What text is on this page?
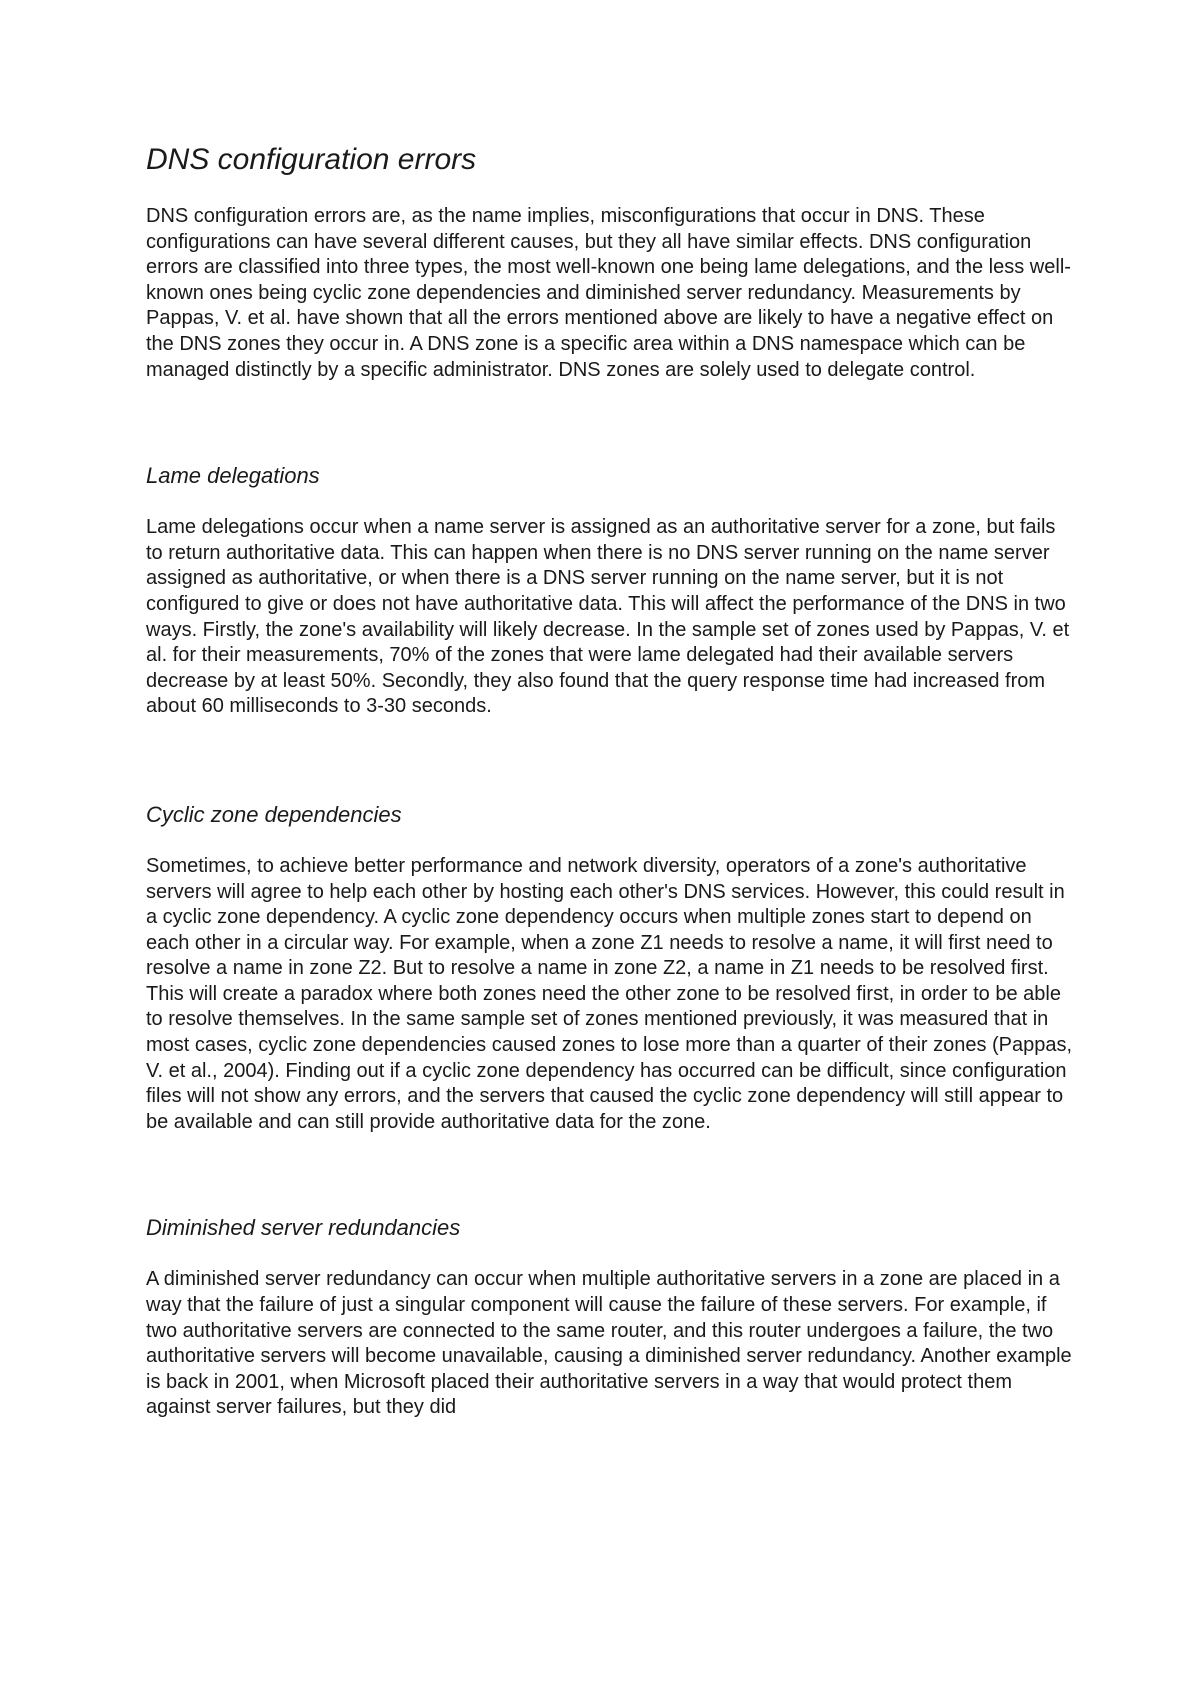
DNS configuration errors

DNS configuration errors are, as the name implies, misconfigurations that occur in DNS. These configurations can have several different causes, but they all have similar effects. DNS configuration errors are classified into three types, the most well-known one being lame delegations, and the less well-known ones being cyclic zone dependencies and diminished server redundancy. Measurements by Pappas, V. et al. have shown that all the errors mentioned above are likely to have a negative effect on the DNS zones they occur in. A DNS zone is a specific area within a DNS namespace which can be managed distinctly by a specific administrator. DNS zones are solely used to delegate control.

Lame delegations

Lame delegations occur when a name server is assigned as an authoritative server for a zone, but fails to return authoritative data. This can happen when there is no DNS server running on the name server assigned as authoritative, or when there is a DNS server running on the name server, but it is not configured to give or does not have authoritative data. This will affect the performance of the DNS in two ways. Firstly, the zone's availability will likely decrease. In the sample set of zones used by Pappas, V. et al. for their measurements, 70% of the zones that were lame delegated had their available servers decrease by at least 50%. Secondly, they also found that the query response time had increased from about 60 milliseconds to 3-30 seconds.

Cyclic zone dependencies

Sometimes, to achieve better performance and network diversity, operators of a zone's authoritative servers will agree to help each other by hosting each other's DNS services. However, this could result in a cyclic zone dependency. A cyclic zone dependency occurs when multiple zones start to depend on each other in a circular way. For example, when a zone Z1 needs to resolve a name, it will first need to resolve a name in zone Z2. But to resolve a name in zone Z2, a name in Z1 needs to be resolved first. This will create a paradox where both zones need the other zone to be resolved first, in order to be able to resolve themselves. In the same sample set of zones mentioned previously, it was measured that in most cases, cyclic zone dependencies caused zones to lose more than a quarter of their zones (Pappas, V. et al., 2004). Finding out if a cyclic zone dependency has occurred can be difficult, since configuration files will not show any errors, and the servers that caused the cyclic zone dependency will still appear to be available and can still provide authoritative data for the zone.

Diminished server redundancies

A diminished server redundancy can occur when multiple authoritative servers in a zone are placed in a way that the failure of just a singular component will cause the failure of these servers. For example, if two authoritative servers are connected to the same router, and this router undergoes a failure, the two authoritative servers will become unavailable, causing a diminished server redundancy. Another example is back in 2001, when Microsoft placed their authoritative servers in a way that would protect them against server failures, but they did
